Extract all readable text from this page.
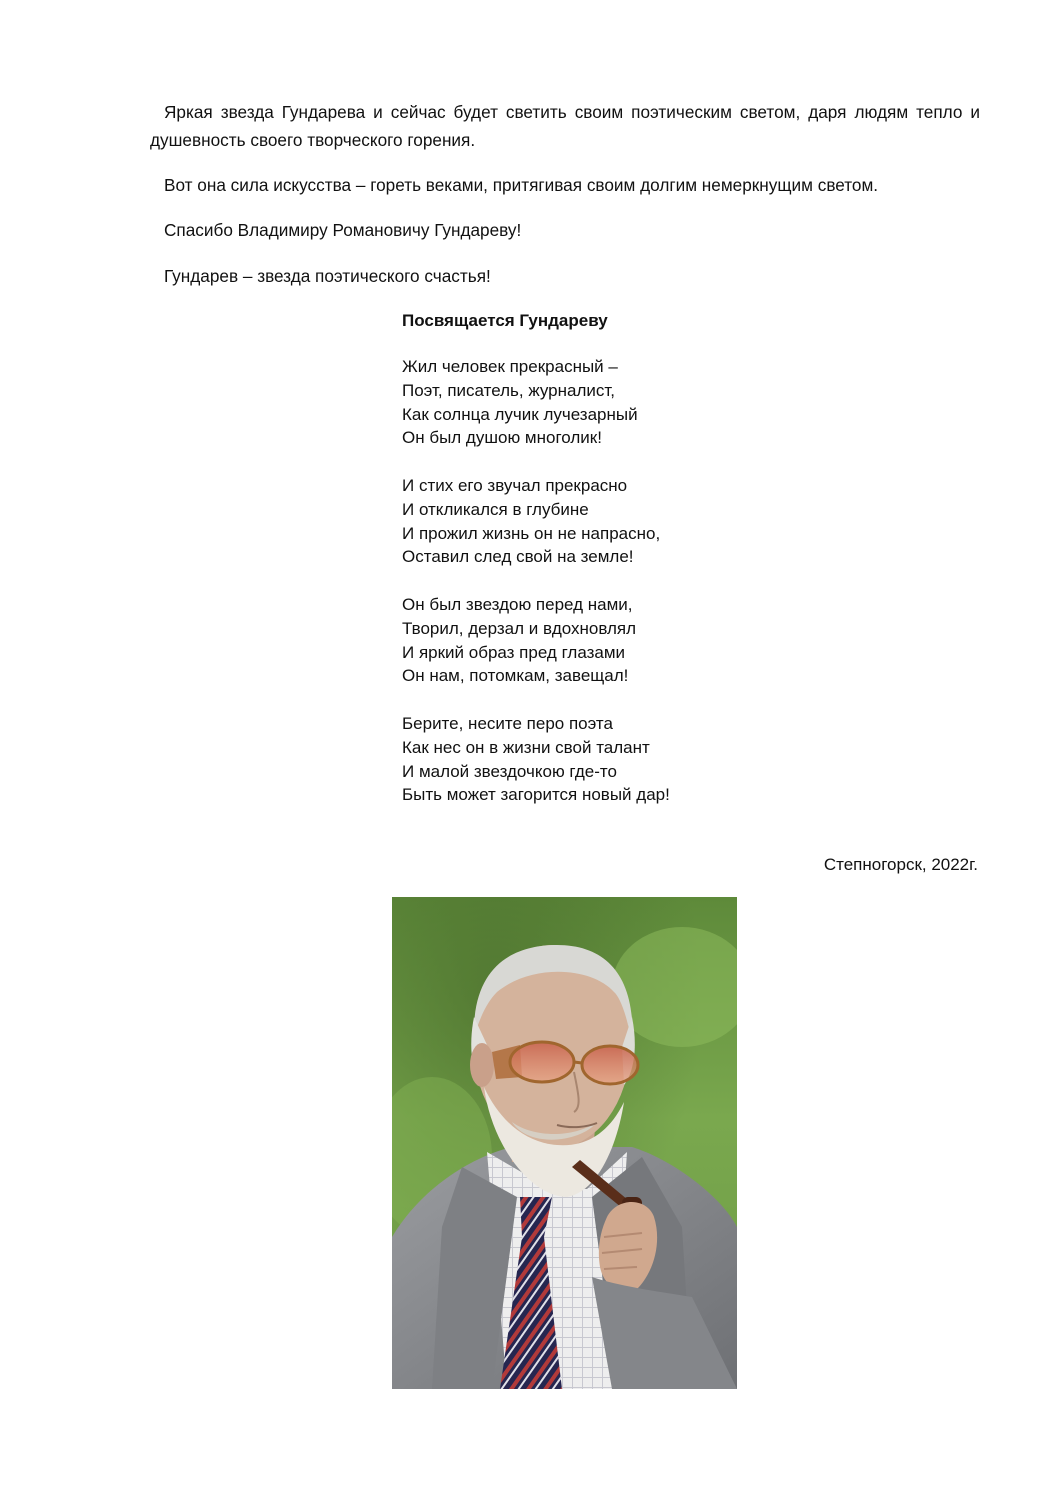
Яркая звезда Гундарева и сейчас будет светить своим поэтическим светом, даря людям тепло и душевность своего творческого горения.

Вот она сила искусства – гореть веками, притягивая своим долгим немеркнущим светом.

Спасибо Владимиру Романовичу Гундареву!

Гундарев – звезда поэтического счастья!

Посвящается Гундареву

Жил человек прекрасный –
Поэт, писатель, журналист,
Как солнца лучик лучезарный
Он был душою многолик!
И стих его звучал прекрасно
И откликался в глубине
И прожил жизнь он не напрасно,
Оставил след свой на земле!
Он был звездою перед нами,
Творил, дерзал и вдохновлял
И яркий образ пред глазами
Он нам, потомкам, завещал!
Берите, несите перо поэта
Как нес он в жизни свой талант
И малой звездочкою где-то
Быть может загорится новый дар!

Степногорск, 2022г.
